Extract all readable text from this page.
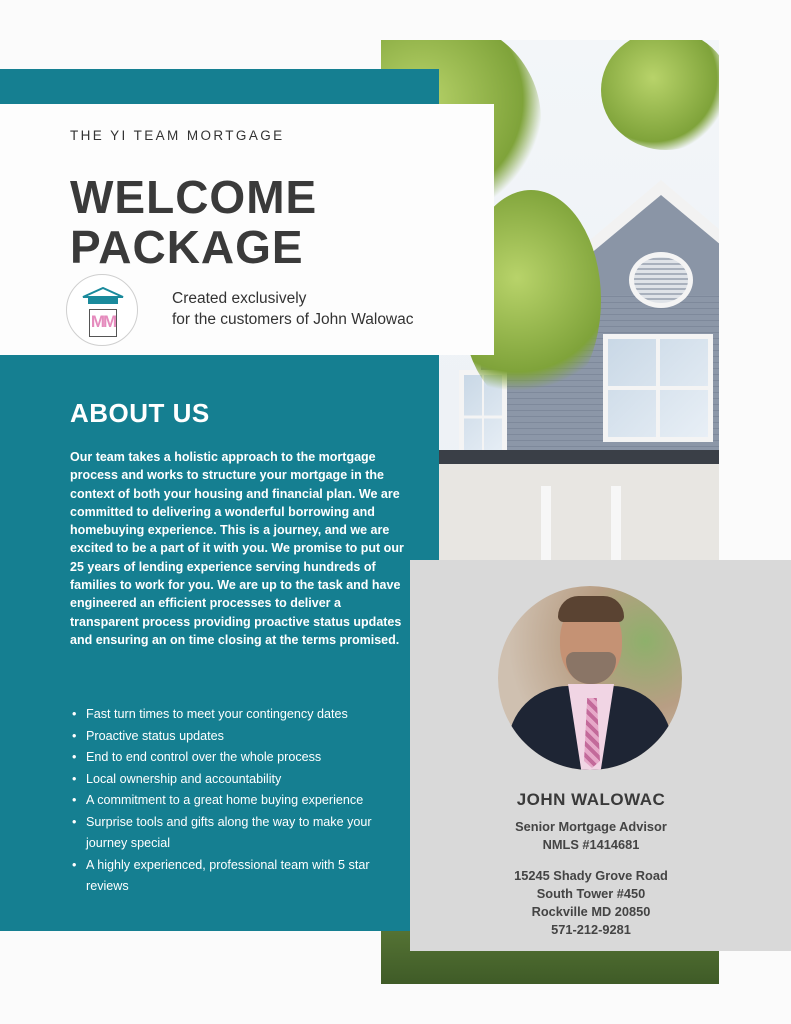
THE YI TEAM MORTGAGE
WELCOME
PACKAGE
MM
Created exclusively
for the customers of John Walowac
ABOUT US

Our team takes a holistic approach to the mortgage process and works to structure your mortgage in the context of both your housing and financial plan. We are committed to delivering a wonderful borrowing and homebuying experience. This is a journey, and we are excited to be a part of it with you. We promise to put our 25 years of lending experience serving hundreds of families to work for you. We are up to the task and have engineered an efficient processes to deliver a transparent process providing proactive status updates and ensuring an on time closing at the terms promised.

• Fast turn times to meet your contingency dates
• Proactive status updates
• End to end control over the whole process
• Local ownership and accountability
• A commitment to a great home buying experience
• Surprise tools and gifts along the way to make your journey special
• A highly experienced, professional team with 5 star reviews
JOHN WALOWAC
Senior Mortgage Advisor
NMLS #1414681
15245 Shady Grove Road
South Tower #450
Rockville MD 20850
571-212-9281
